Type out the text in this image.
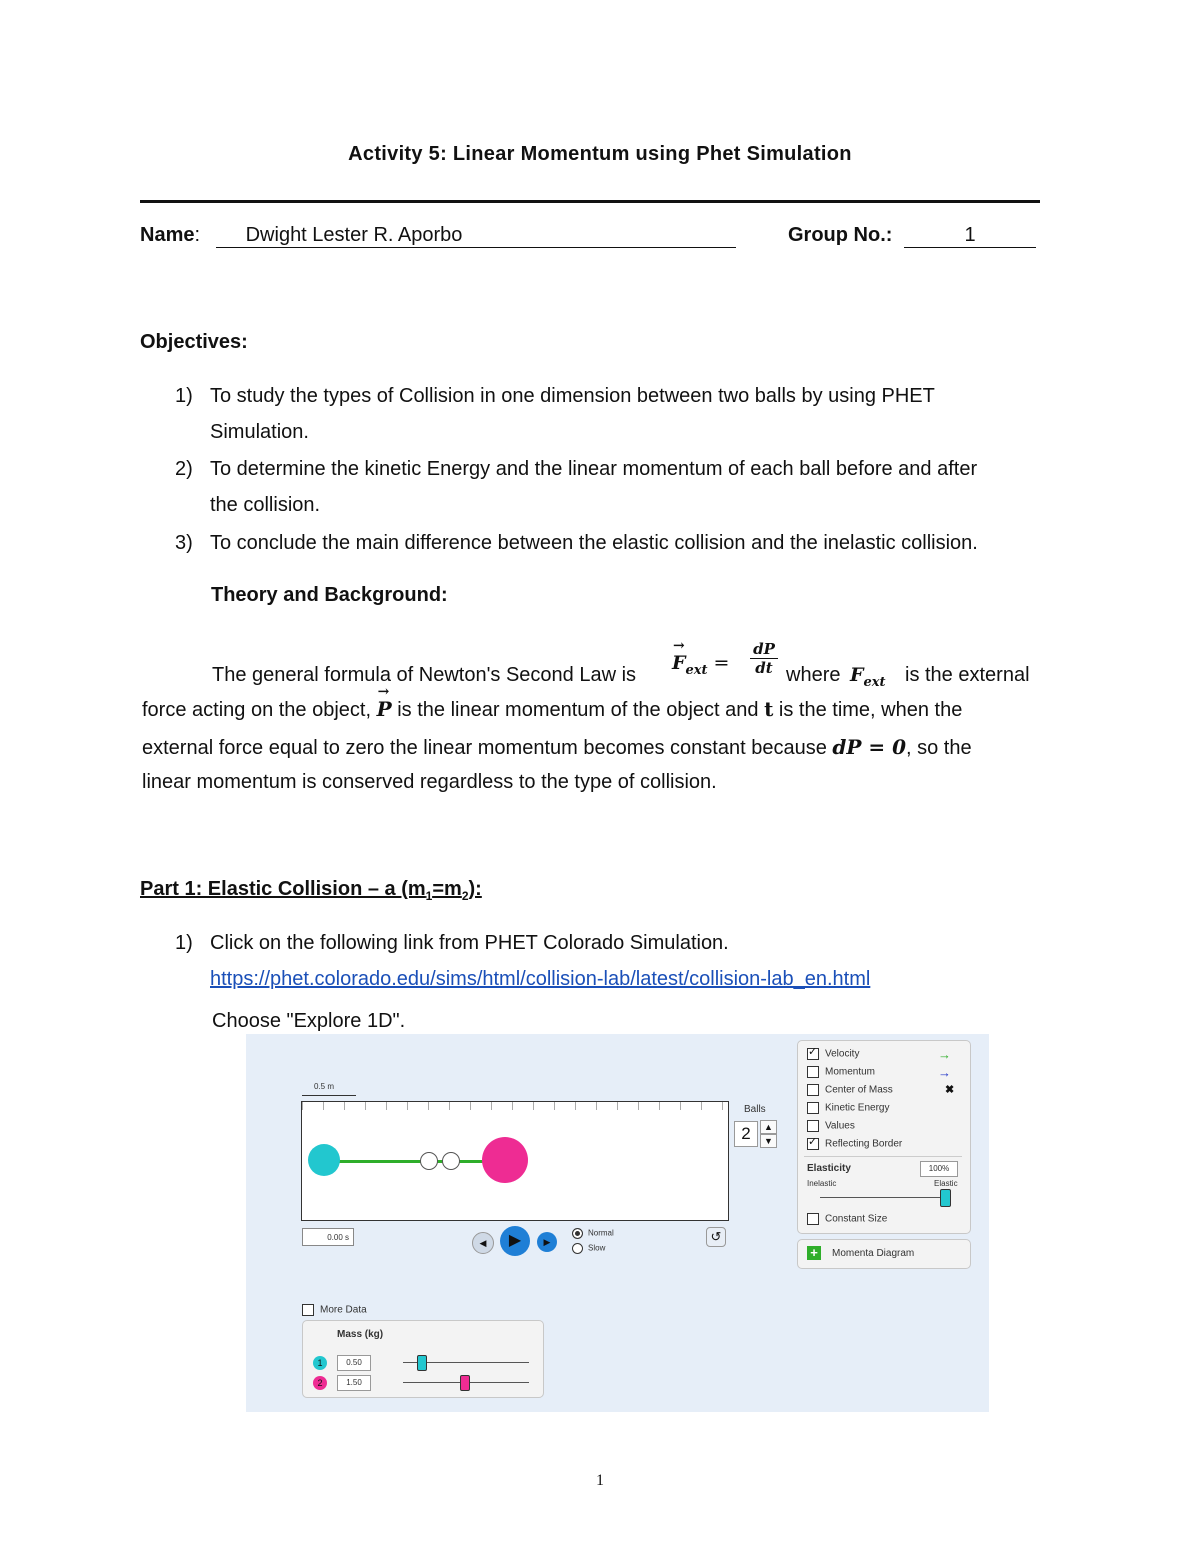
Activity 5: Linear Momentum using Phet Simulation
Name: Dwight Lester R. Aporbo	Group No.:	1
Objectives:
1) To study the types of Collision in one dimension between two balls by using PHET
Simulation.
2) To determine the kinetic Energy and the linear momentum of each ball before and after
the collision.
3) To conclude the main difference between the elastic collision and the inelastic collision.
Theory and Background:
The general formula of Newton's Second Law is
→
$F_{ext}$ =
dP
dt where $F_{ext}$ is the external
force acting on the object,
→
P is the linear momentum of the object and t is the time, when the
external force equal to zero the linear momentum becomes constant because dP = 0, so the
linear momentum is conserved regardless to the type of collision.
Part 1: Elastic Collision – a $(m_1=m_2)$:
1) Click on the following link from PHET Colorado Simulation.
https://phet.colorado.edu/sims/html/collision-lab/latest/collision-lab_en.html
Choose "Explore 1D".
0.5 m
Balls
2	▲
▼
0.00 s
◀	▶	▶
Normal
Slow
↺
✓Velocity	→
Momentum	→
Center of Mass	✖
Kinetic Energy
Values
✓Reflecting Border
Elasticity	100%
Inelastic	Elastic
Constant Size
+	Momenta Diagram
More Data
Mass (kg)
1	0.50
2	1.50
1
